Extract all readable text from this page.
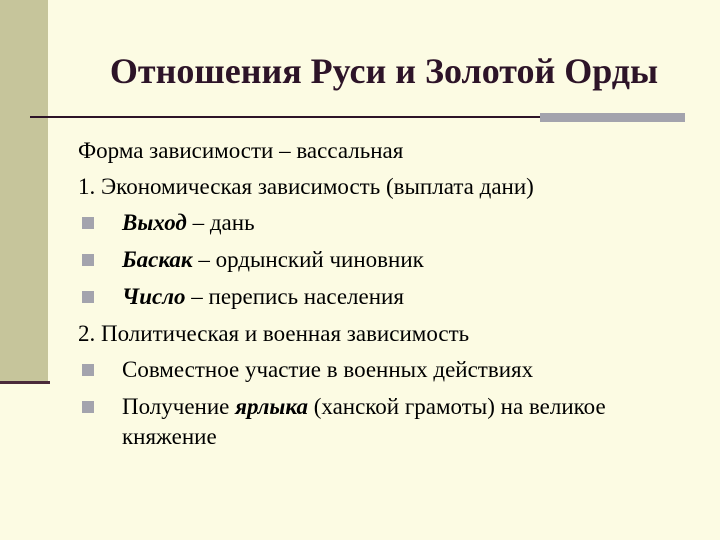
Отношения Руси и Золотой Орды

Форма зависимости – вассальная

1. Экономическая зависимость (выплата дани)

Выход – дань
Баскак – ордынский чиновник
Число – перепись населения

2. Политическая и военная зависимость

Совместное участие в военных действиях
Получение ярлыка (ханской грамоты) на великое княжение
